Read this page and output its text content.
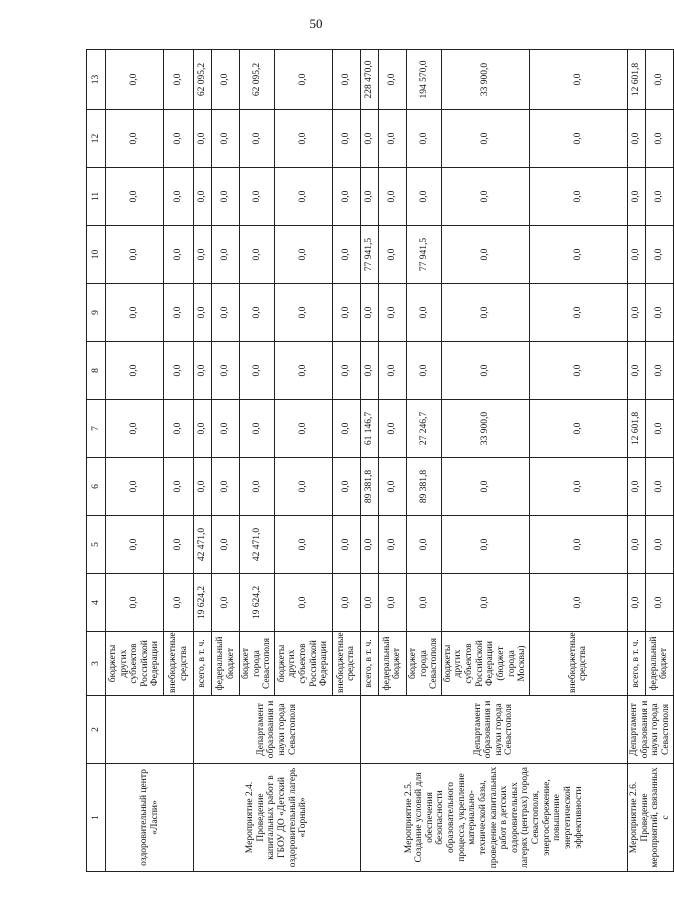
50
1	2	3	4	5	6	7	8	9	10	11	12	13
оздоровительный центр «Ласпи»		бюджеты других субъектов Российской Федерации	0,0	0,0	0,0	0,0	0,0	0,0	0,0	0,0	0,0	0,0
		внебюджетные средства	0,0	0,0	0,0	0,0	0,0	0,0	0,0	0,0	0,0	0,0
Мероприятие 2.4. Проведение капитальных работ в ГБОУ ДО «Детский оздоровительный лагерь «Горный»	Департамент образования и науки города Севастополя	всего, в т. ч.	19 624,2	42 471,0	0,0	0,0	0,0	0,0	0,0	0,0	0,0	62 095,2
		федеральный бюджет	0,0	0,0	0,0	0,0	0,0	0,0	0,0	0,0	0,0	0,0
		бюджет города Севастополя	19 624,2	42 471,0	0,0	0,0	0,0	0,0	0,0	0,0	0,0	62 095,2
		бюджеты других субъектов Российской Федерации	0,0	0,0	0,0	0,0	0,0	0,0	0,0	0,0	0,0	0,0
		внебюджетные средства	0,0	0,0	0,0	0,0	0,0	0,0	0,0	0,0	0,0	0,0
Мероприятие 2.5. Создание условий для обеспечения безопасности образовательного процесса, укрепление материально-технической базы, проведение капитальных работ в детских оздоровительных лагерях (центрах) города Севастополя, энергосбережение, повышение энергетической эффективности	Департамент образования и науки города Севастополя	всего, в т. ч.	0,0	0,0	89 381,8	61 146,7	0,0	0,0	77 941,5	0,0	0,0	228 470,0
		федеральный бюджет	0,0	0,0	0,0	0,0	0,0	0,0	0,0	0,0	0,0	0,0
		бюджет города Севастополя	0,0	0,0	89 381,8	27 246,7	0,0	0,0	77 941,5	0,0	0,0	194 570,0
		бюджеты других субъектов Российской Федерации (бюджет города Москвы)	0,0	0,0	0,0	33 900,0	0,0	0,0	0,0	0,0	0,0	33 900,0
		внебюджетные средства	0,0	0,0	0,0	0,0	0,0	0,0	0,0	0,0	0,0	0,0
Мероприятие 2.6. Проведение мероприятий, связанных с	Департамент образования и науки города Севастополя	всего, в т. ч.	0,0	0,0	0,0	12 601,8	0,0	0,0	0,0	0,0	0,0	12 601,8
		федеральный бюджет	0,0	0,0	0,0	0,0	0,0	0,0	0,0	0,0	0,0	0,0
